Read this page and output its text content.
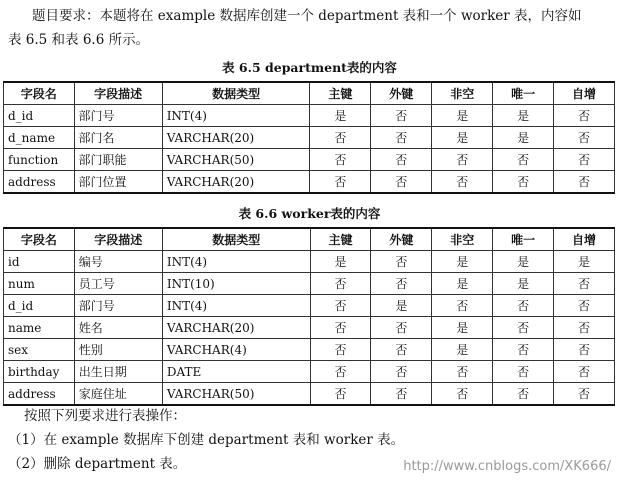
题目要求：本题将在 example 数据库创建一个 department 表和一个 worker 表，内容如
表 6.5 和表 6.6 所示。
表 6.5 department表的内容
字段名	字段描述	数据类型	主键	外键	非空	唯一	自增
d_id	部门号	INT(4)	是	否	是	是	否
d_name	部门名	VARCHAR(20)	否	否	是	是	否
function	部门职能	VARCHAR(50)	否	否	否	否	否
address	部门位置	VARCHAR(20)	否	否	否	否	否
表 6.6 worker表的内容
字段名	字段描述	数据类型	主键	外键	非空	唯一	自增
id	编号	INT(4)	是	否	是	是	是
num	员工号	INT(10)	否	否	是	是	否
d_id	部门号	INT(4)	否	是	否	否	否
name	姓名	VARCHAR(20)	否	否	是	否	否
sex	性别	VARCHAR(4)	否	否	是	否	否
birthday	出生日期	DATE	否	否	否	否	否
address	家庭住址	VARCHAR(50)	否	否	否	否	否
按照下列要求进行表操作：
（1）在 example 数据库下创建 department 表和 worker 表。
（2）删除 department 表。	http://www.cnblogs.com/XK666/
